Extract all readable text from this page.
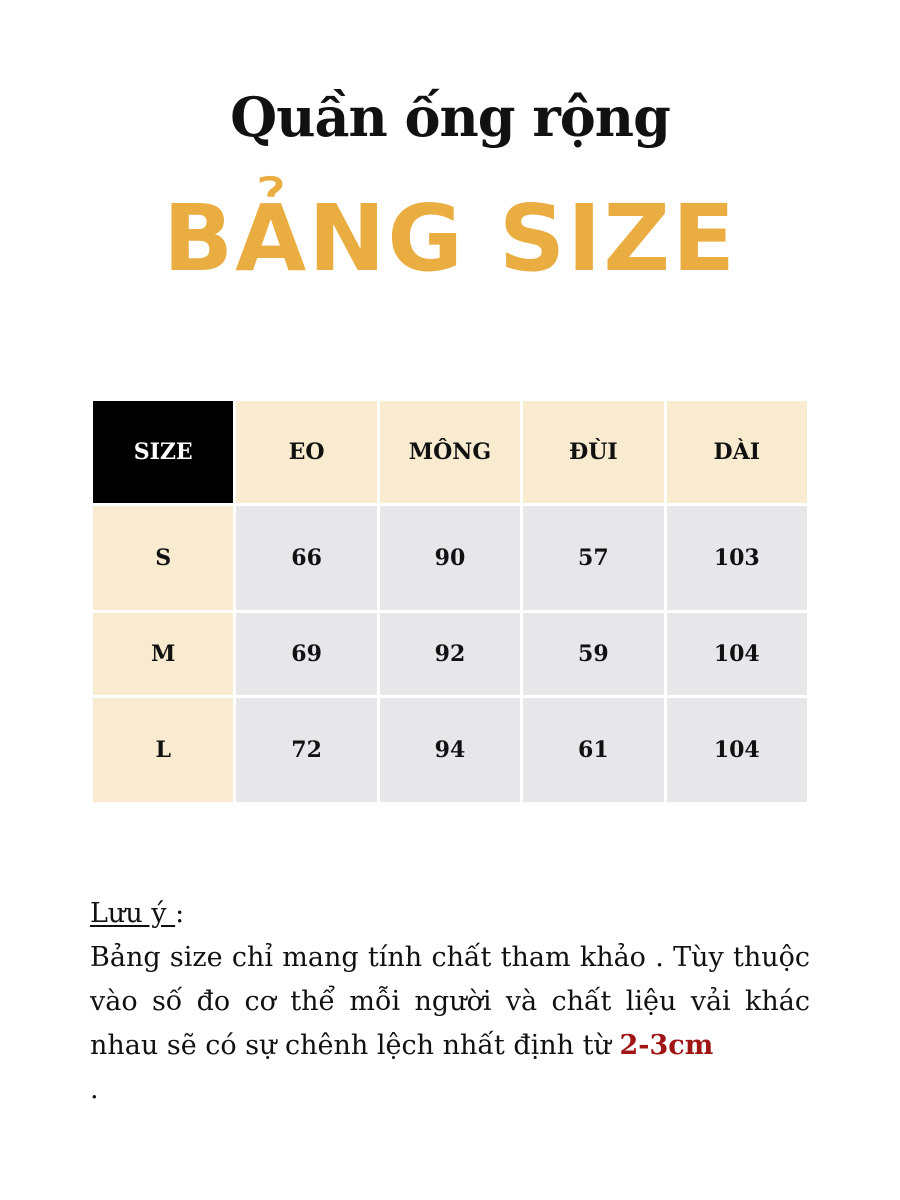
Quần ống rộng
BẢNG SIZE
SIZE	EO	MÔNG	ĐÙI	DÀI
S	66	90	57	103
M	69	92	59	104
L	72	94	61	104
Lưu ý :
Bảng size chỉ mang tính chất tham khảo . Tùy thuộc vào số đo cơ thể mỗi người và chất liệu vải khác nhau sẽ có sự chênh lệch nhất định từ 2-3cm
.
